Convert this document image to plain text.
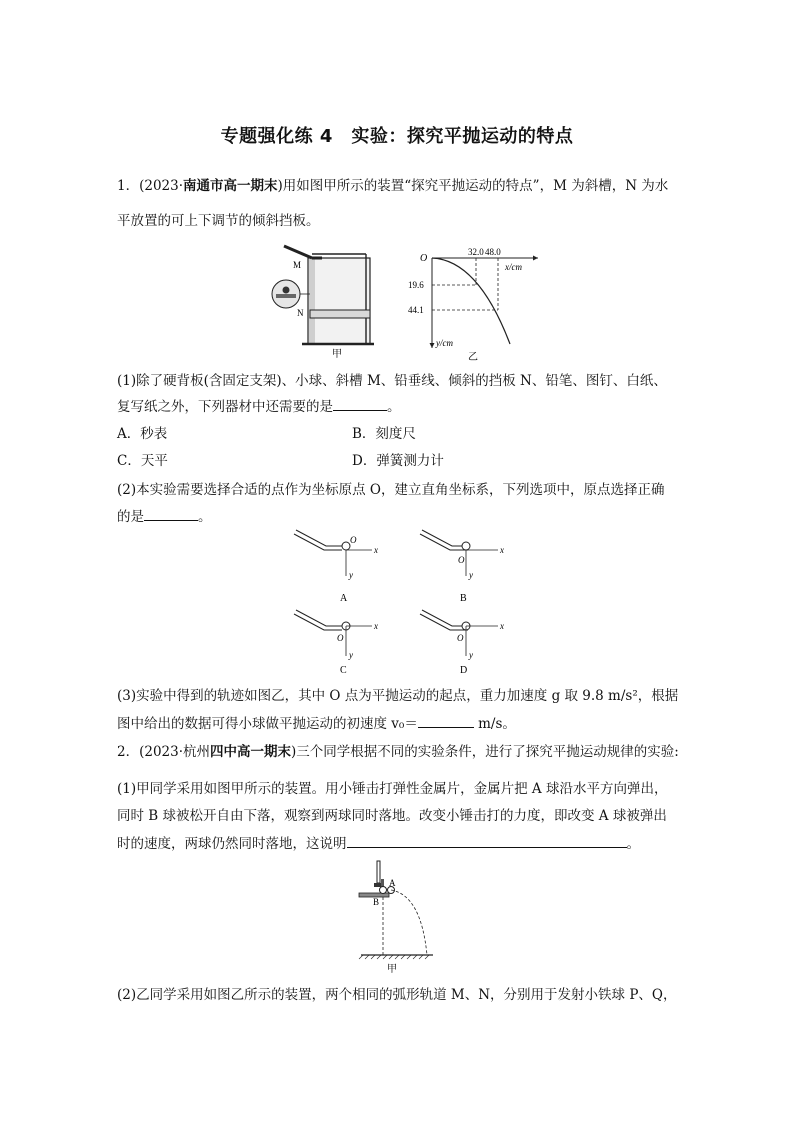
专题强化练 4　实验：探究平抛运动的特点
1．(2023·南通市高一期末)用如图甲所示的装置“探究平抛运动的特点”，M 为斜槽，N 为水
平放置的可上下调节的倾斜挡板。
M
N
甲
O
x/cm
y/cm
32.0 48.0
19.6
44.1
乙
(1)除了硬背板(含固定支架)、小球、斜槽 M、铅垂线、倾斜的挡板 N、铅笔、图钉、白纸、
复写纸之外，下列器材中还需要的是	。
A．秒表	B．刻度尺
C．天平	D．弹簧测力计
(2)本实验需要选择合适的点作为坐标原点 O，建立直角坐标系，下列选项中，原点选择正确
的是	。
O
x
y
A
O
x
y
B
O
x
y
C
O
x
y
D
(3)实验中得到的轨迹如图乙，其中 O 点为平抛运动的起点，重力加速度 g 取 9.8 m/s²，根据
图中给出的数据可得小球做平抛运动的初速度 v₀＝	m/s。
2．(2023·杭州四中高一期末)三个同学根据不同的实验条件，进行了探究平抛运动规律的实验:
(1)甲同学采用如图甲所示的装置。用小锤击打弹性金属片，金属片把 A 球沿水平方向弹出，
同时 B 球被松开自由下落，观察到两球同时落地。改变小锤击打的力度，即改变 A 球被弹出
时的速度，两球仍然同时落地，这说明	。
A
B
甲
(2)乙同学采用如图乙所示的装置，两个相同的弧形轨道 M、N，分别用于发射小铁球 P、Q，
